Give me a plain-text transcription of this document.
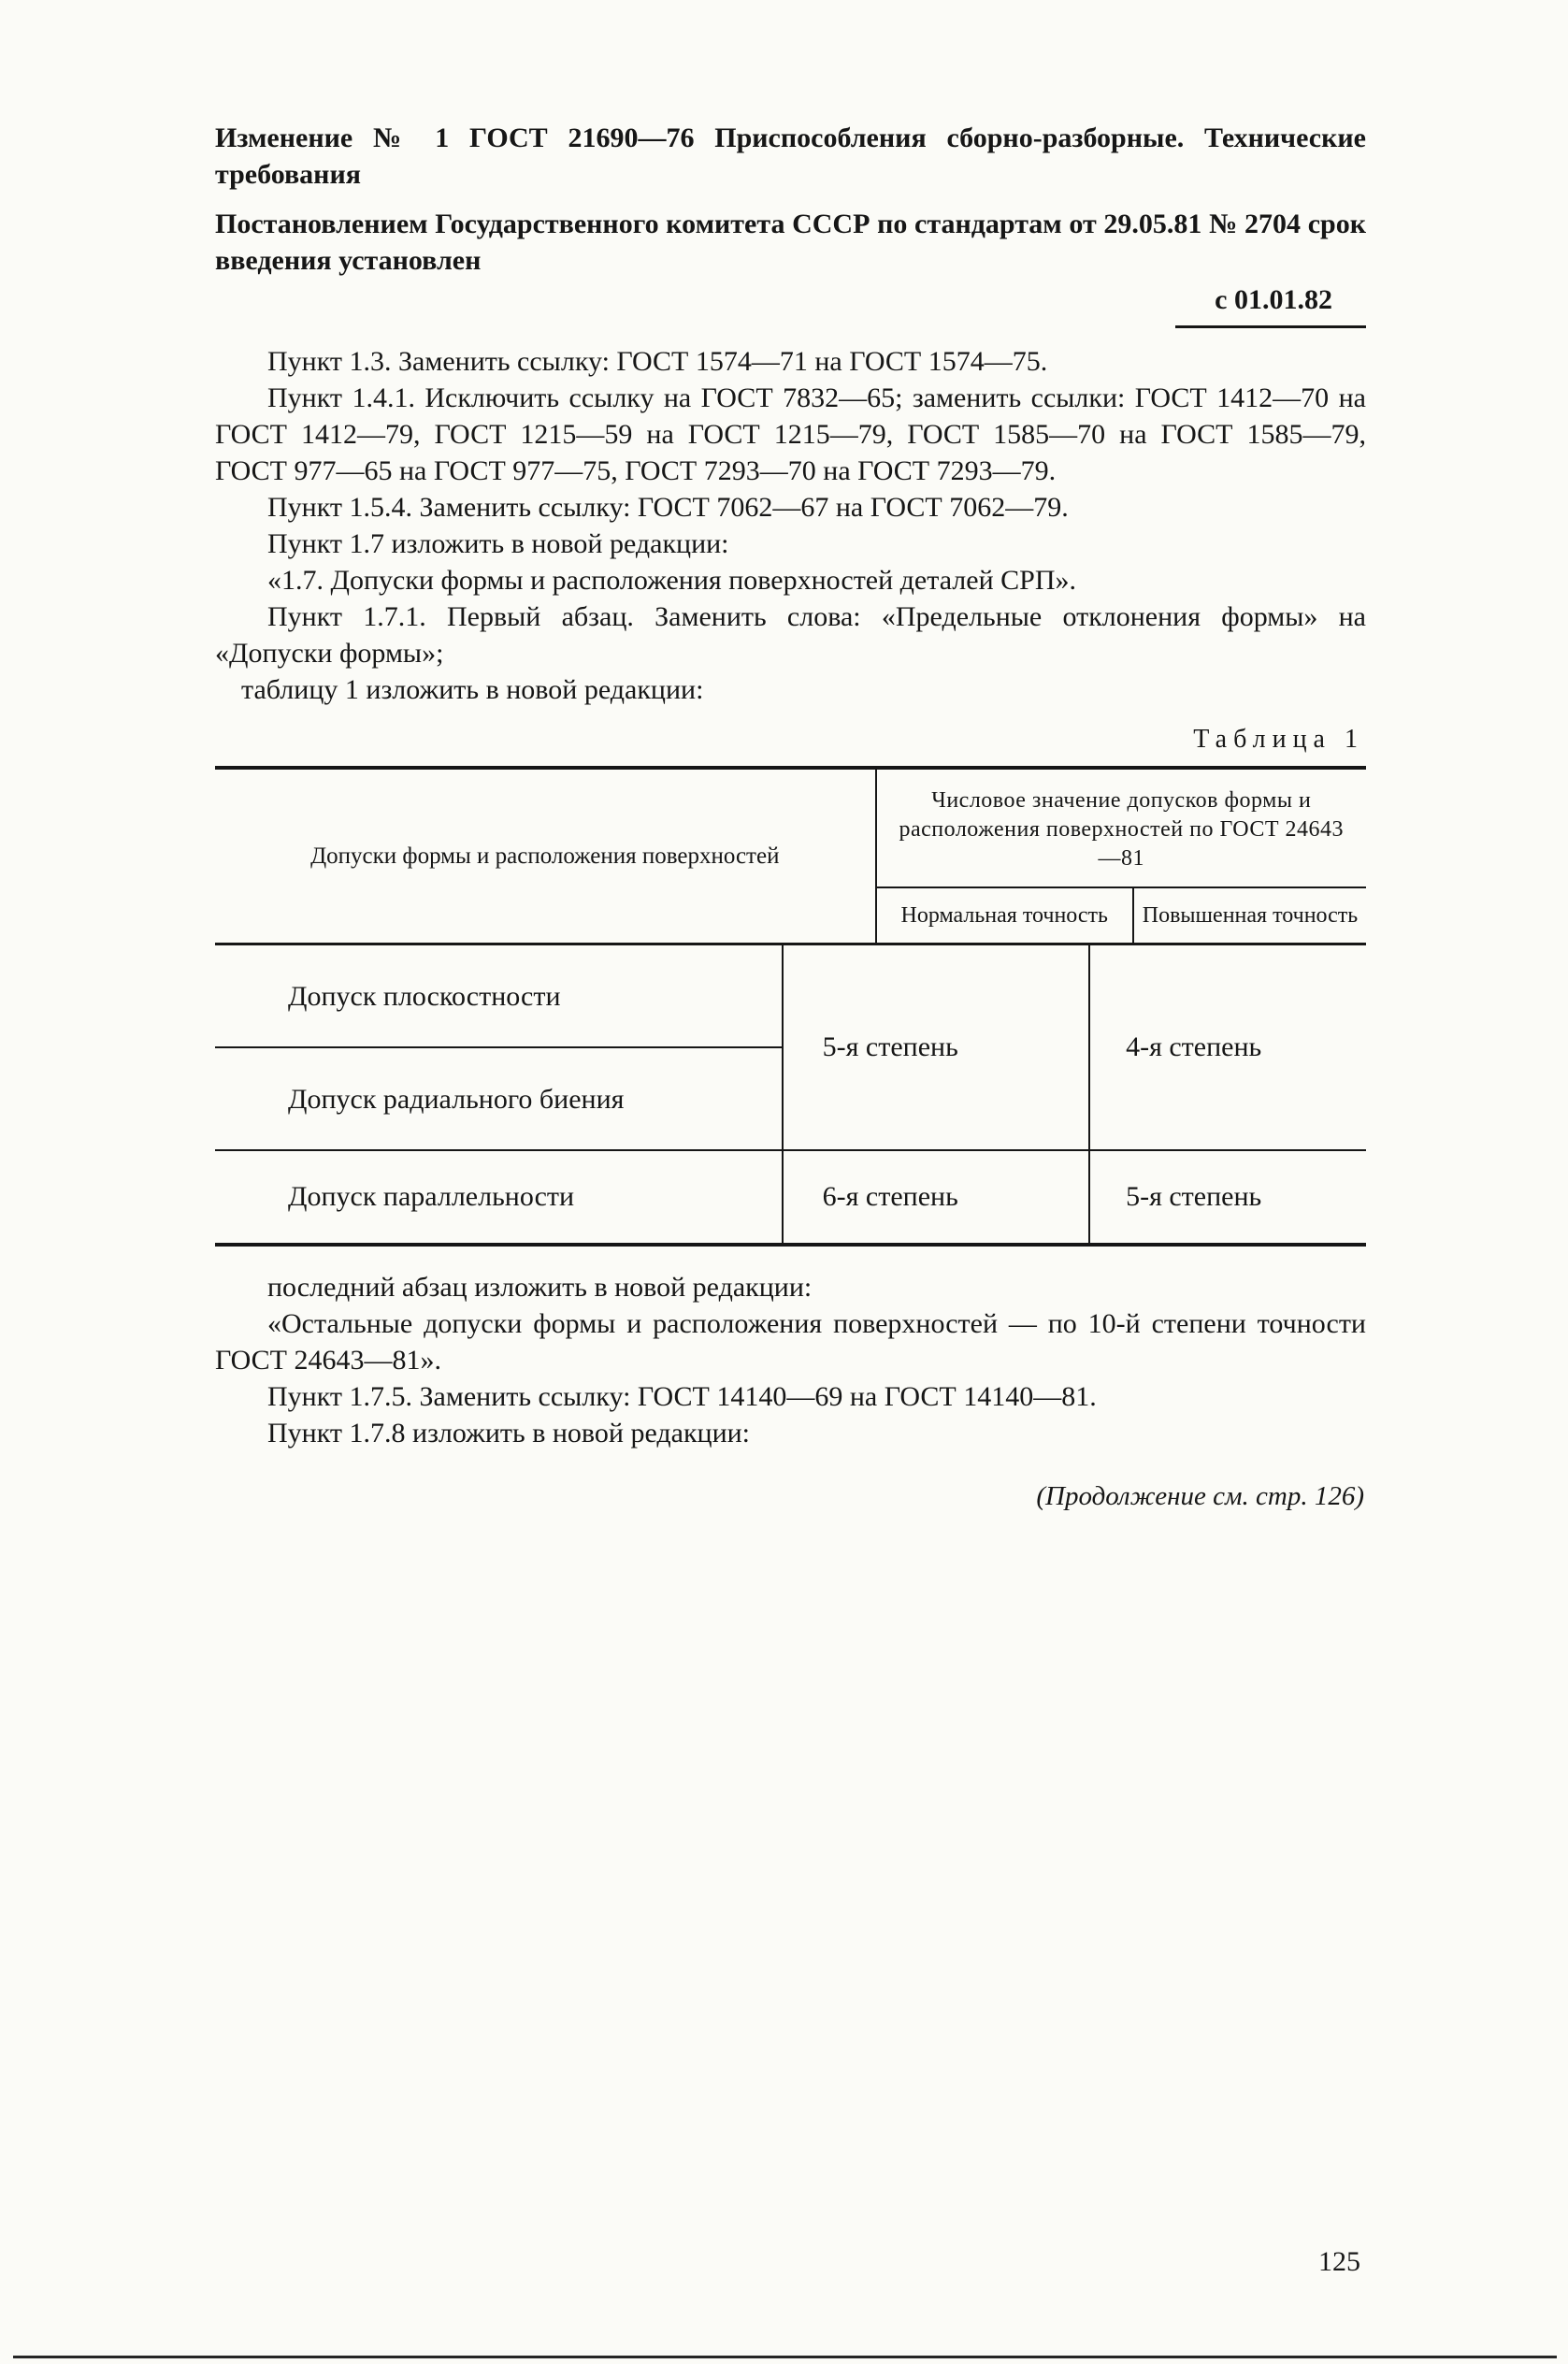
Изменение № 1 ГОСТ 21690—76 Приспособления сборно-разборные. Технические требования
Постановлением Государственного комитета СССР по стандартам от 29.05.81 № 2704 срок введения установлен
с 01.01.82
Пункт 1.3. Заменить ссылку: ГОСТ 1574—71 на ГОСТ 1574—75.
Пункт 1.4.1. Исключить ссылку на ГОСТ 7832—65; заменить ссылки: ГОСТ 1412—70 на ГОСТ 1412—79, ГОСТ 1215—59 на ГОСТ 1215—79, ГОСТ 1585—70 на ГОСТ 1585—79, ГОСТ 977—65 на ГОСТ 977—75, ГОСТ 7293—70 на ГОСТ 7293—79.
Пункт 1.5.4. Заменить ссылку: ГОСТ 7062—67 на ГОСТ 7062—79.
Пункт 1.7 изложить в новой редакции:
«1.7. Допуски формы и расположения поверхностей деталей СРП».
Пункт 1.7.1. Первый абзац. Заменить слова: «Предельные отклонения формы» на «Допуски формы»;
таблицу 1 изложить в новой редакции:
Таблица 1
Допуски формы и расположения поверхностей
Числовое значение допусков формы и расположения поверхностей по ГОСТ 24643—81
Нормальная точность	Повышенная точность
Допуск плоскостности
Допуск радиального биения
5-я степень	4-я степень
Допуск параллельности	6-я степень	5-я степень
последний абзац изложить в новой редакции:
«Остальные допуски формы и расположения поверхностей — по 10-й степени точности ГОСТ 24643—81».
Пункт 1.7.5. Заменить ссылку: ГОСТ 14140—69 на ГОСТ 14140—81.
Пункт 1.7.8 изложить в новой редакции:
(Продолжение см. стр. 126)
125
